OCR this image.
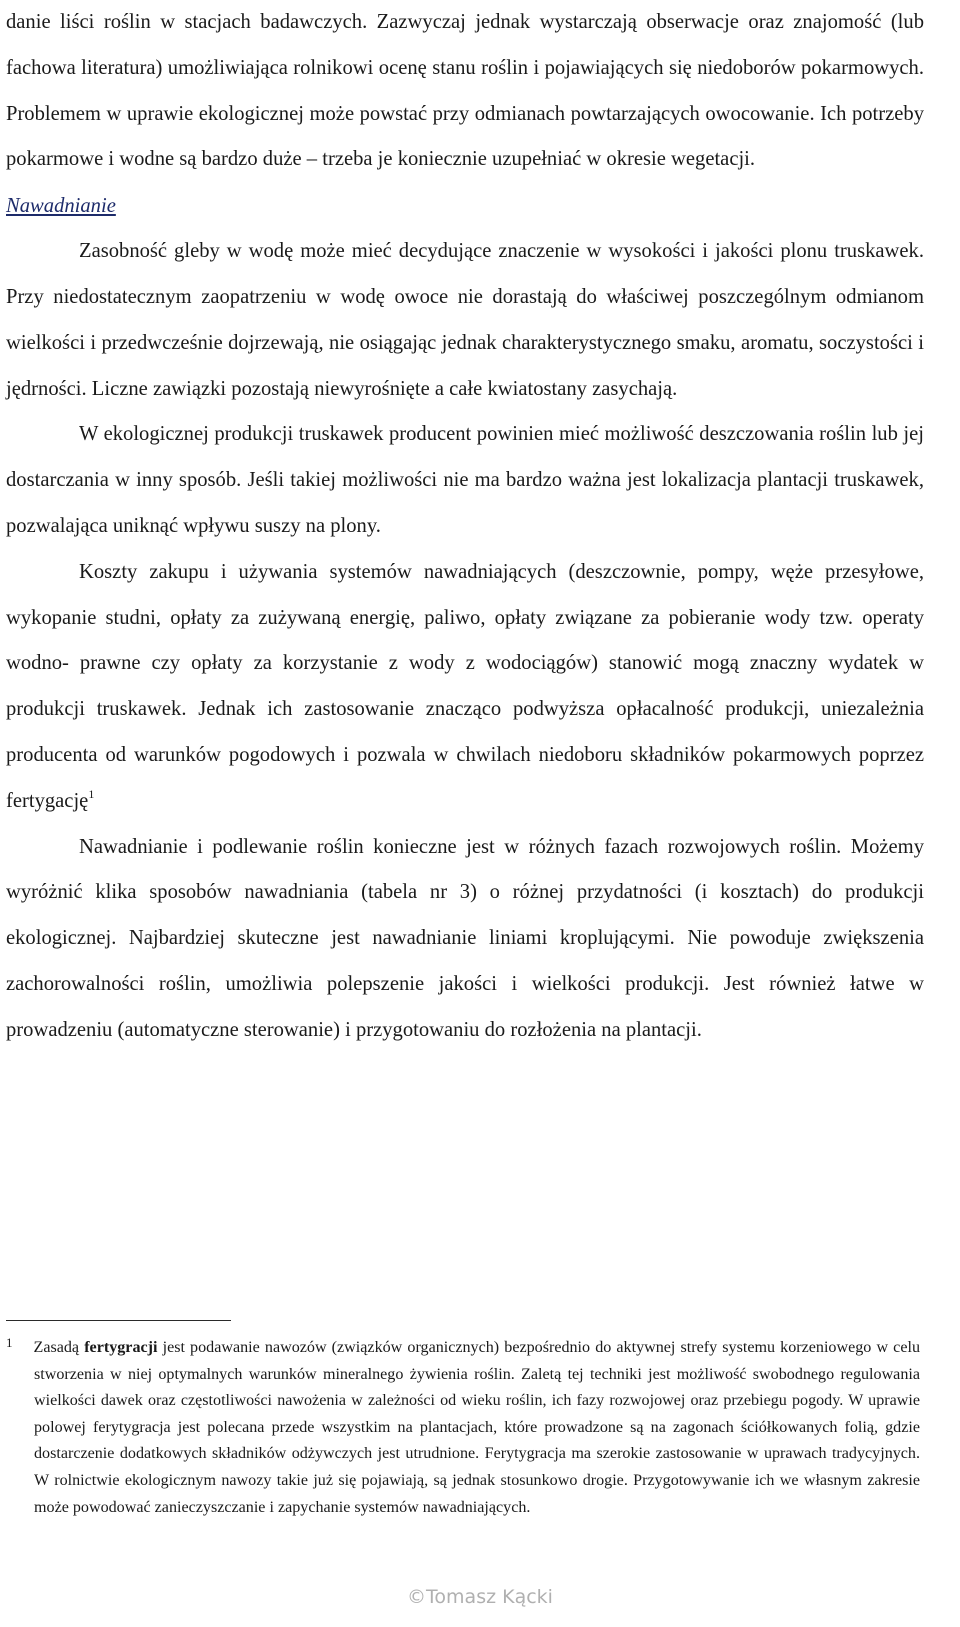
danie liści roślin w stacjach badawczych. Zazwyczaj jednak wystarczają obserwacje oraz znajomość (lub fachowa literatura) umożliwiająca rolnikowi ocenę stanu roślin i pojawiających się niedoborów pokarmowych. Problemem w uprawie ekologicznej może powstać przy odmianach powtarzających owocowanie. Ich potrzeby pokarmowe i wodne są bardzo duże – trzeba je koniecznie uzupełniać w okresie wegetacji.

Nawadnianie

Zasobność gleby w wodę może mieć decydujące znaczenie w wysokości i jakości plonu truskawek. Przy niedostatecznym zaopatrzeniu w wodę owoce nie dorastają do właściwej poszczególnym odmianom wielkości i przedwcześnie dojrzewają, nie osiągając jednak charakterystycznego smaku, aromatu, soczystości i jędrności. Liczne zawiązki pozostają niewyrośnięte a całe kwiatostany zasychają.

W ekologicznej produkcji truskawek producent powinien mieć możliwość deszczowania roślin lub jej dostarczania w inny sposób. Jeśli takiej możliwości nie ma bardzo ważna jest lokalizacja plantacji truskawek, pozwalająca uniknąć wpływu suszy na plony.

Koszty zakupu i używania systemów nawadniających (deszczownie, pompy, węże przesyłowe, wykopanie studni, opłaty za zużywaną energię, paliwo, opłaty związane za pobieranie wody tzw. operaty wodno- prawne czy opłaty za korzystanie z wody z wodociągów) stanowić mogą znaczny wydatek w produkcji truskawek. Jednak ich zastosowanie znacząco podwyższa opłacalność produkcji, uniezależnia producenta od warunków pogodowych i pozwala w chwilach niedoboru składników pokarmowych poprzez fertygację$^1$

Nawadnianie i podlewanie roślin konieczne jest w różnych fazach rozwojowych roślin. Możemy wyróżnić klika sposobów nawadniania (tabela nr 3) o różnej przydatności (i kosztach) do produkcji ekologicznej. Najbardziej skuteczne jest nawadnianie liniami kroplującymi. Nie powoduje zwiększenia zachorowalności roślin, umożliwia polepszenie jakości i wielkości produkcji. Jest również łatwe w prowadzeniu (automatyczne sterowanie) i przygotowaniu do rozłożenia na plantacji.

$^1$ Zasadą fertygracji jest podawanie nawozów (związków organicznych) bezpośrednio do aktywnej strefy systemu korzeniowego w celu stworzenia w niej optymalnych warunków mineralnego żywienia roślin. Zaletą tej techniki jest możliwość swobodnego regulowania wielkości dawek oraz częstotliwości nawożenia w zależności od wieku roślin, ich fazy rozwojowej oraz przebiegu pogody. W uprawie polowej ferytygracja jest polecana przede wszystkim na plantacjach, które prowadzone są na zagonach ściółkowanych folią, gdzie dostarczenie dodatkowych składników odżywczych jest utrudnione. Ferytygracja ma szerokie zastosowanie w uprawach tradycyjnych. W rolnictwie ekologicznym nawozy takie już się pojawiają, są jednak stosunkowo drogie. Przygotowywanie ich we własnym zakresie może powodować zanieczyszczanie i zapychanie systemów nawadniających.
©Tomasz Kącki
